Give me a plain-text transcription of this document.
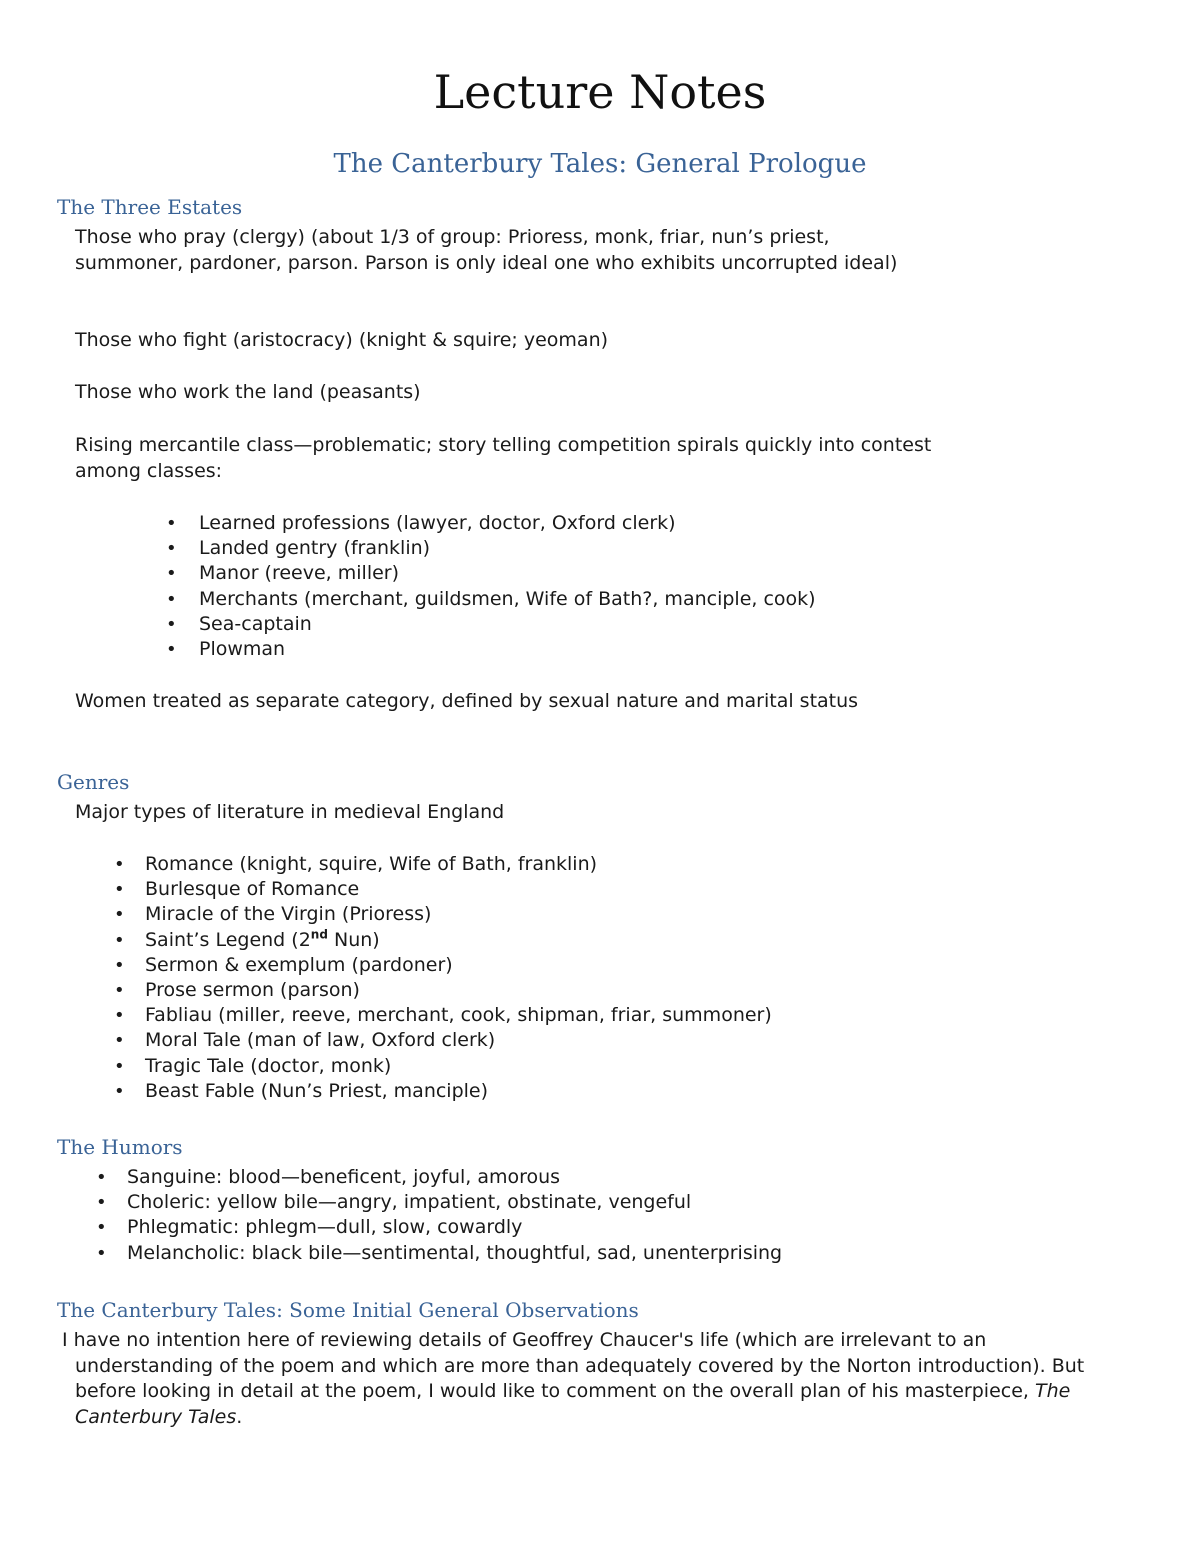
Lecture Notes
The Canterbury Tales: General Prologue
The Three Estates

Those who pray (clergy) (about 1/3 of group: Prioress, monk, friar, nun’s priest, summoner, pardoner, parson. Parson is only ideal one who exhibits uncorrupted ideal)

Those who fight (aristocracy) (knight & squire; yeoman)

Those who work the land (peasants)

Rising mercantile class—problematic; story telling competition spirals quickly into contest among classes:

• Learned professions (lawyer, doctor, Oxford clerk)
• Landed gentry (franklin)
• Manor (reeve, miller)
• Merchants (merchant, guildsmen, Wife of Bath?, manciple, cook)
• Sea-captain
• Plowman

Women treated as separate category, defined by sexual nature and marital status

Genres

Major types of literature in medieval England

• Romance (knight, squire, Wife of Bath, franklin)
• Burlesque of Romance
• Miracle of the Virgin (Prioress)
• Saint’s Legend (2nd Nun)
• Sermon & exemplum (pardoner)
• Prose sermon (parson)
• Fabliau (miller, reeve, merchant, cook, shipman, friar, summoner)
• Moral Tale (man of law, Oxford clerk)
• Tragic Tale (doctor, monk)
• Beast Fable (Nun’s Priest, manciple)
The Humors
• Sanguine: blood—beneficent, joyful, amorous
• Choleric: yellow bile—angry, impatient, obstinate, vengeful
• Phlegmatic: phlegm—dull, slow, cowardly
• Melancholic: black bile—sentimental, thoughtful, sad, unenterprising
The Canterbury Tales: Some Initial General Observations

I have no intention here of reviewing details of Geoffrey Chaucer's life (which are irrelevant to an understanding of the poem and which are more than adequately covered by the Norton introduction). But before looking in detail at the poem, I would like to comment on the overall plan of his masterpiece, The Canterbury Tales.
